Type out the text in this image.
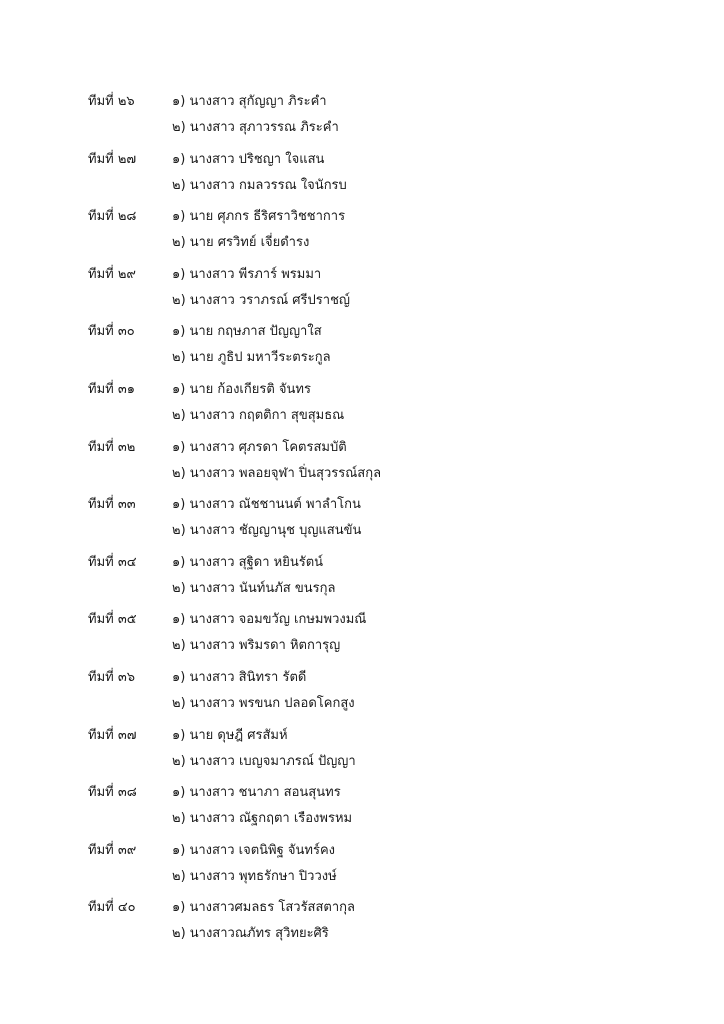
ทีมที่ ๒๖	๑) นางสาว สุกัญญา ภิระคำ
๒) นางสาว สุภาวรรณ ภิระคำ
ทีมที่ ๒๗	๑) นางสาว ปริชญา ใจแสน
๒) นางสาว กมลวรรณ ใจนักรบ
ทีมที่ ๒๘	๑) นาย ศุภกร ธีริศราวิชชาการ
๒) นาย ศรวิทย์ เจี่ยดำรง
ทีมที่ ๒๙	๑) นางสาว พีรภาร์ พรมมา
๒) นางสาว วราภรณ์ ศรีปราชญ์
ทีมที่ ๓๐	๑) นาย กฤษภาส ปัญญาใส
๒) นาย ภูธิป มหาวีระตระกูล
ทีมที่ ๓๑	๑) นาย ก้องเกียรติ จันทร
๒) นางสาว กฤตติกา สุขสุมธณ
ทีมที่ ๓๒	๑) นางสาว ศุภรดา โคตรสมบัติ
๒) นางสาว พลอยจุฬา ปิ่นสุวรรณ์สกุล
ทีมที่ ๓๓	๑) นางสาว ณัชชานนต์ พาลำโกน
๒) นางสาว ชัญญานุช บุญแสนขัน
ทีมที่ ๓๔	๑) นางสาว สุฐิดา หยินรัตน์
๒) นางสาว นันท์นภัส ขนรกุล
ทีมที่ ๓๕	๑) นางสาว จอมขวัญ เกษมพวงมณี
๒) นางสาว พริมรดา หิตการุญ
ทีมที่ ๓๖	๑) นางสาว สินิทรา รัตดี
๒) นางสาว พรขนก ปลอดโคกสูง
ทีมที่ ๓๗	๑) นาย ดุษฎี ศรสัมห์
๒) นางสาว เบญจมาภรณ์ ปัญญา
ทีมที่ ๓๘	๑) นางสาว ชนาภา สอนสุนทร
๒) นางสาว ณัฐกฤตา เรืองพรหม
ทีมที่ ๓๙	๑) นางสาว เจตนิพิฐ จันทร์คง
๒) นางสาว พุทธรักษา ปิววงษ์
ทีมที่ ๔๐	๑) นางสาวศมลธร โสวรัสสตากุล
๒) นางสาวณภัทร สุวิทยะศิริ
